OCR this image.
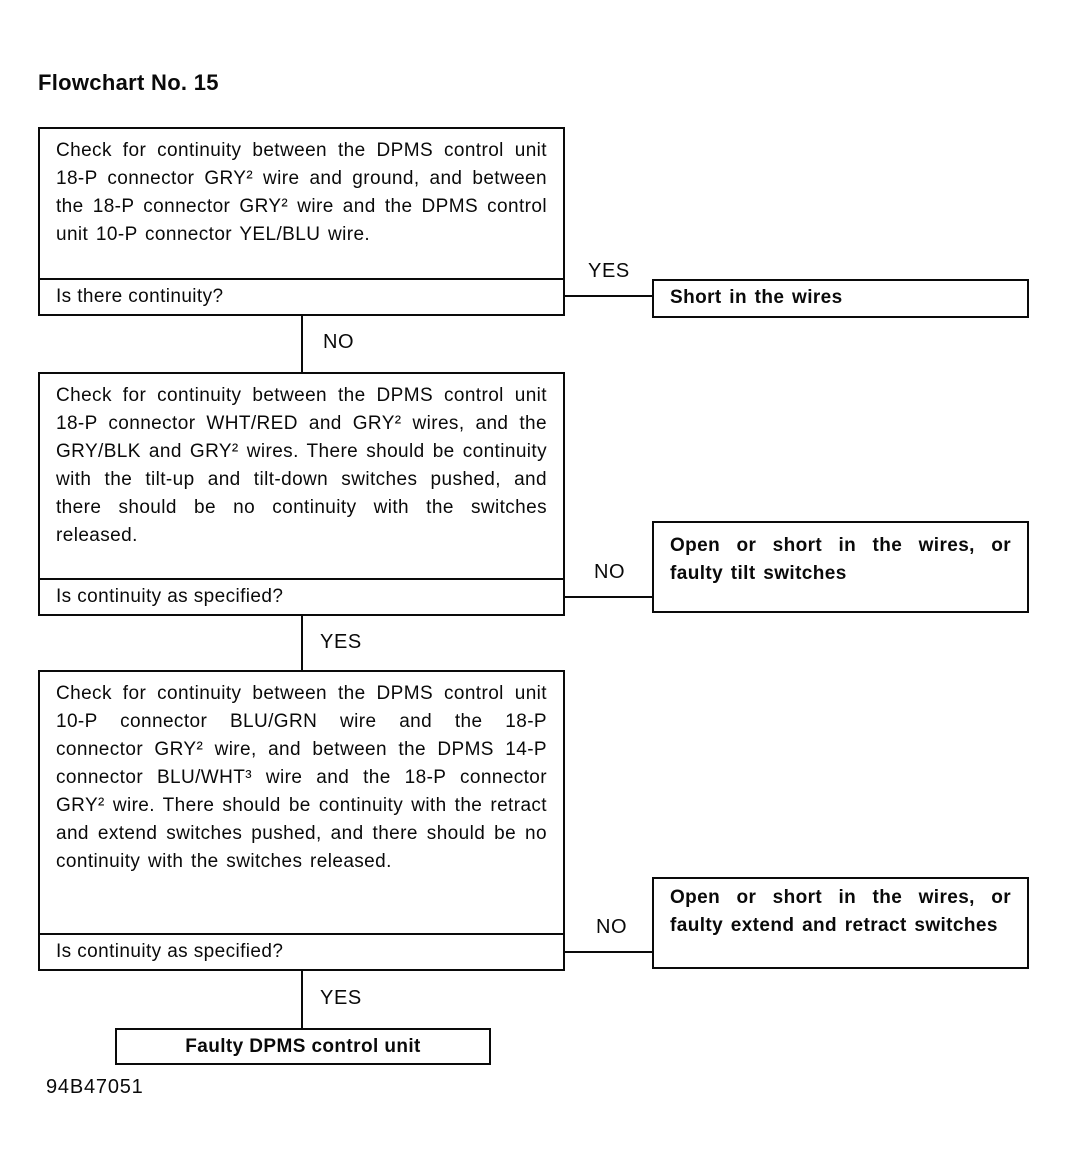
Flowchart No. 15
Check for continuity between the DPMS control unit 18-P connector GRY² wire and ground, and between the 18-P connector GRY² wire and the DPMS control unit 10-P connector YEL/BLU wire.
Is there continuity?
YES
Short in the wires
NO
Check for continuity between the DPMS control unit 18-P connector WHT/RED and GRY² wires, and the GRY/BLK and GRY² wires. There should be continuity with the tilt-up and tilt-down switches pushed, and there should be no continuity with the switches released.
Is continuity as specified?
NO
Open or short in the wires, or faulty tilt switches
YES
Check for continuity between the DPMS control unit 10-P connector BLU/GRN wire and the 18-P connector GRY² wire, and between the DPMS 14-P connector BLU/WHT³ wire and the 18-P connector GRY² wire. There should be continuity with the retract and extend switches pushed, and there should be no continuity with the switches released.
Is continuity as specified?
NO
Open or short in the wires, or faulty extend and retract switches
YES
Faulty DPMS control unit
94B47051
